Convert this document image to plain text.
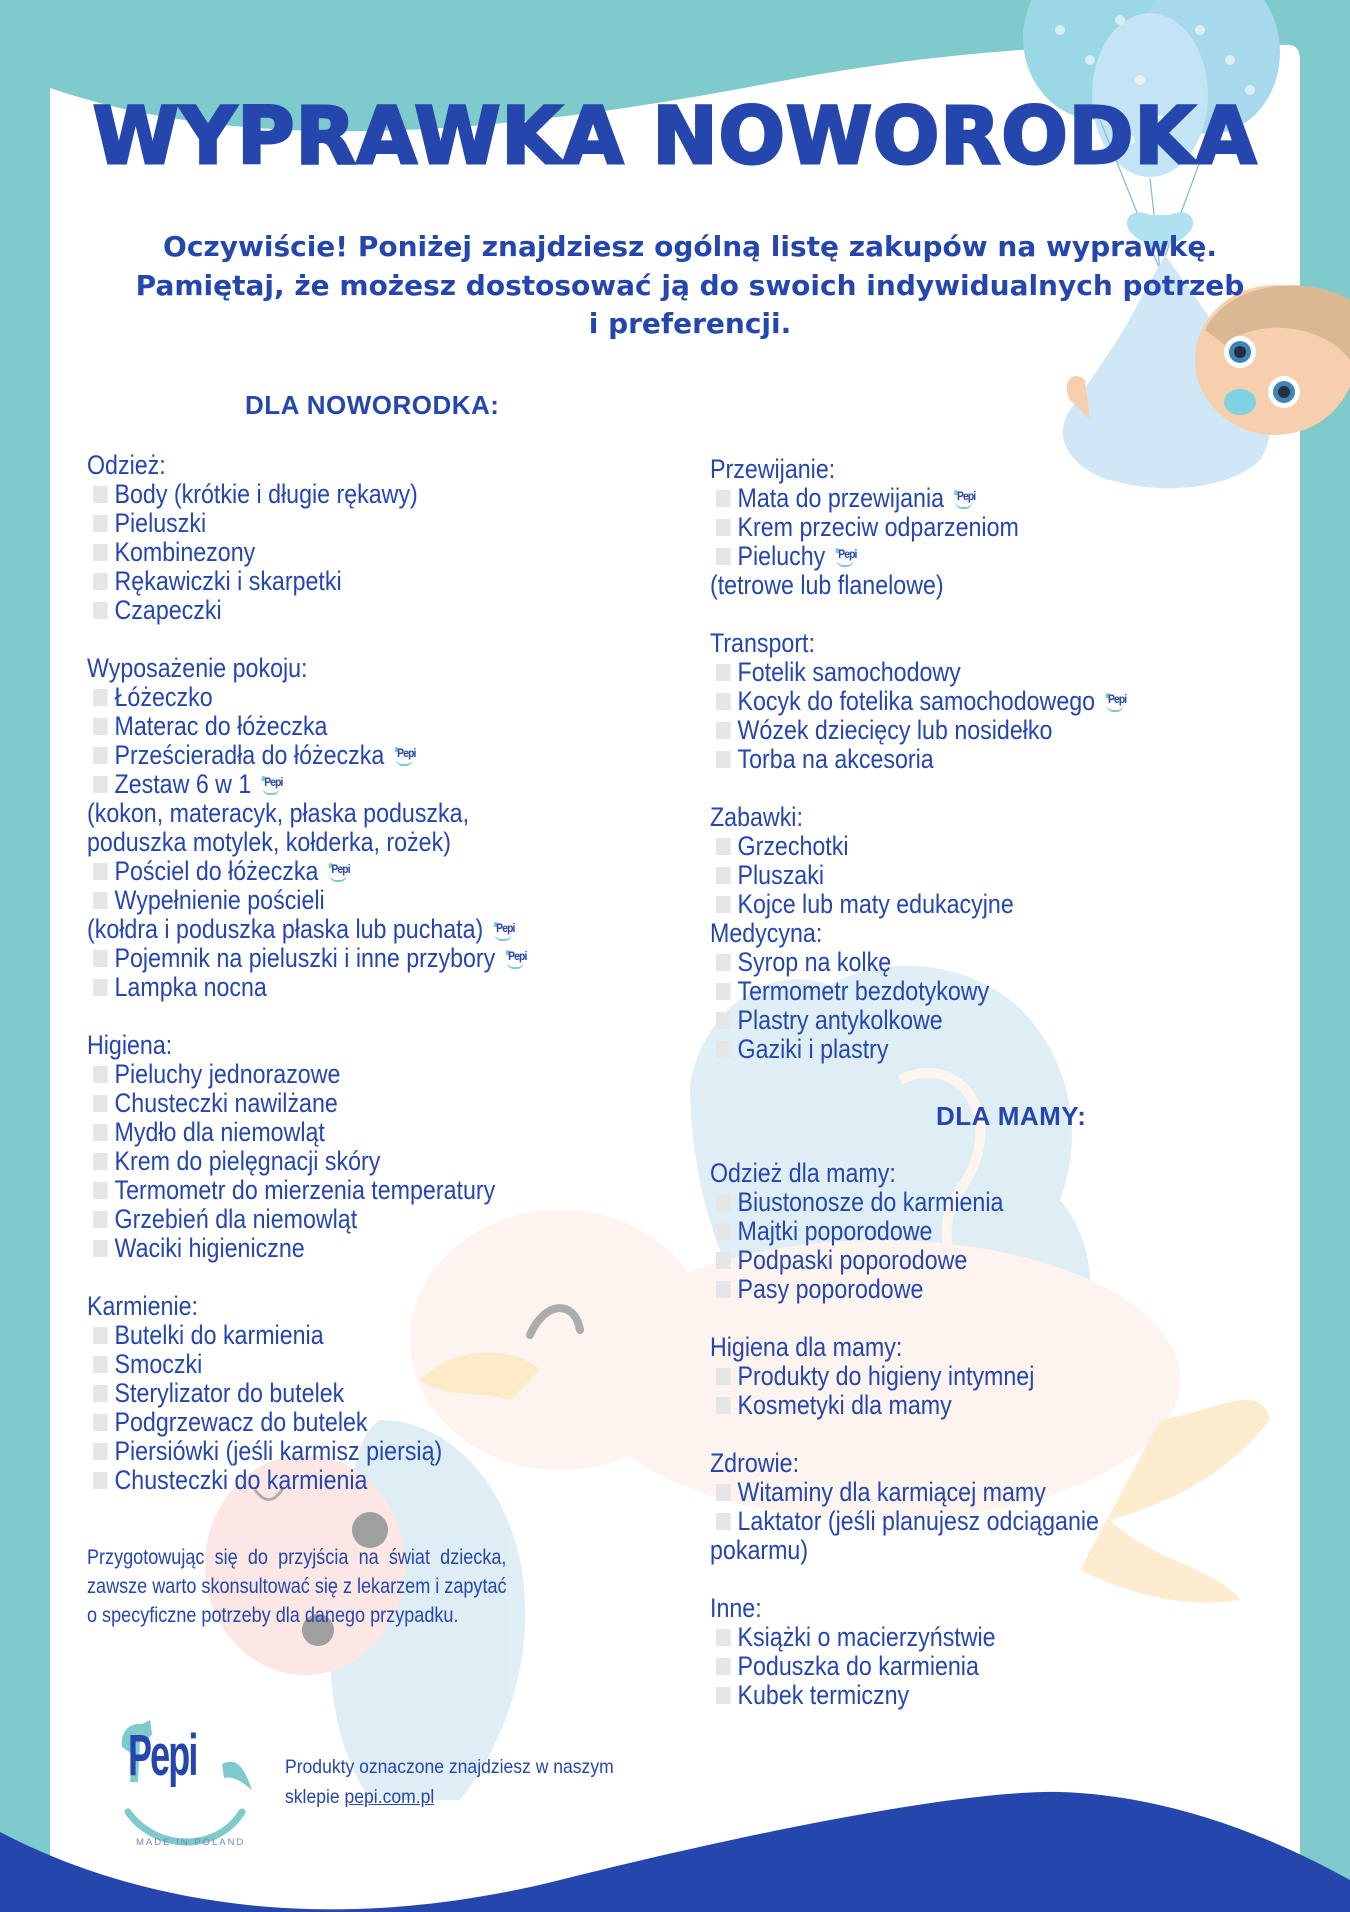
WYPRAWKA NOWORODKA
Oczywiście! Poniżej znajdziesz ogólną listę zakupów na wyprawkę.
Pamiętaj, że możesz dostosować ją do swoich indywidualnych potrzeb
i preferencji.
DLA NOWORODKA:
Odzież:
Body (krótkie i długie rękawy)
Pieluszki
Kombinezony
Rękawiczki i skarpetki
Czapeczki
Wyposażenie pokoju:
Łóżeczko
Materac do łóżeczka
Prześcieradła do łóżeczka Pepi
Zestaw 6 w 1 Pepi
(kokon, materacyk, płaska poduszka,
poduszka motylek, kołderka, rożek)
Pościel do łóżeczka Pepi
Wypełnienie pościeli
(kołdra i poduszka płaska lub puchata) Pepi
Pojemnik na pieluszki i inne przybory Pepi
Lampka nocna
Higiena:
Pieluchy jednorazowe
Chusteczki nawilżane
Mydło dla niemowląt
Krem do pielęgnacji skóry
Termometr do mierzenia temperatury
Grzebień dla niemowląt
Waciki higieniczne
Karmienie:
Butelki do karmienia
Smoczki
Sterylizator do butelek
Podgrzewacz do butelek
Piersiówki (jeśli karmisz piersią)
Chusteczki do karmienia
Przewijanie:
Mata do przewijania Pepi
Krem przeciw odparzeniom
Pieluchy Pepi
(tetrowe lub flanelowe)
Transport:
Fotelik samochodowy
Kocyk do fotelika samochodowego Pepi
Wózek dziecięcy lub nosidełko
Torba na akcesoria
Zabawki:
Grzechotki
Pluszaki
Kojce lub maty edukacyjne
Medycyna:
Syrop na kolkę
Termometr bezdotykowy
Plastry antykolkowe
Gaziki i plastry
DLA MAMY:
Odzież dla mamy:
Biustonosze do karmienia
Majtki poporodowe
Podpaski poporodowe
Pasy poporodowe
Higiena dla mamy:
Produkty do higieny intymnej
Kosmetyki dla mamy
Zdrowie:
Witaminy dla karmiącej mamy
Laktator (jeśli planujesz odciąganie
pokarmu)
Inne:
Książki o macierzyństwie
Poduszka do karmienia
Kubek termiczny
Przygotowując się do przyjścia na świat dziecka,
zawsze warto skonsultować się z lekarzem i zapytać
o specyficzne potrzeby dla danego przypadku.
Pepi
MADE IN POLAND
Produkty oznaczone znajdziesz w naszym
sklepie pepi.com.pl
